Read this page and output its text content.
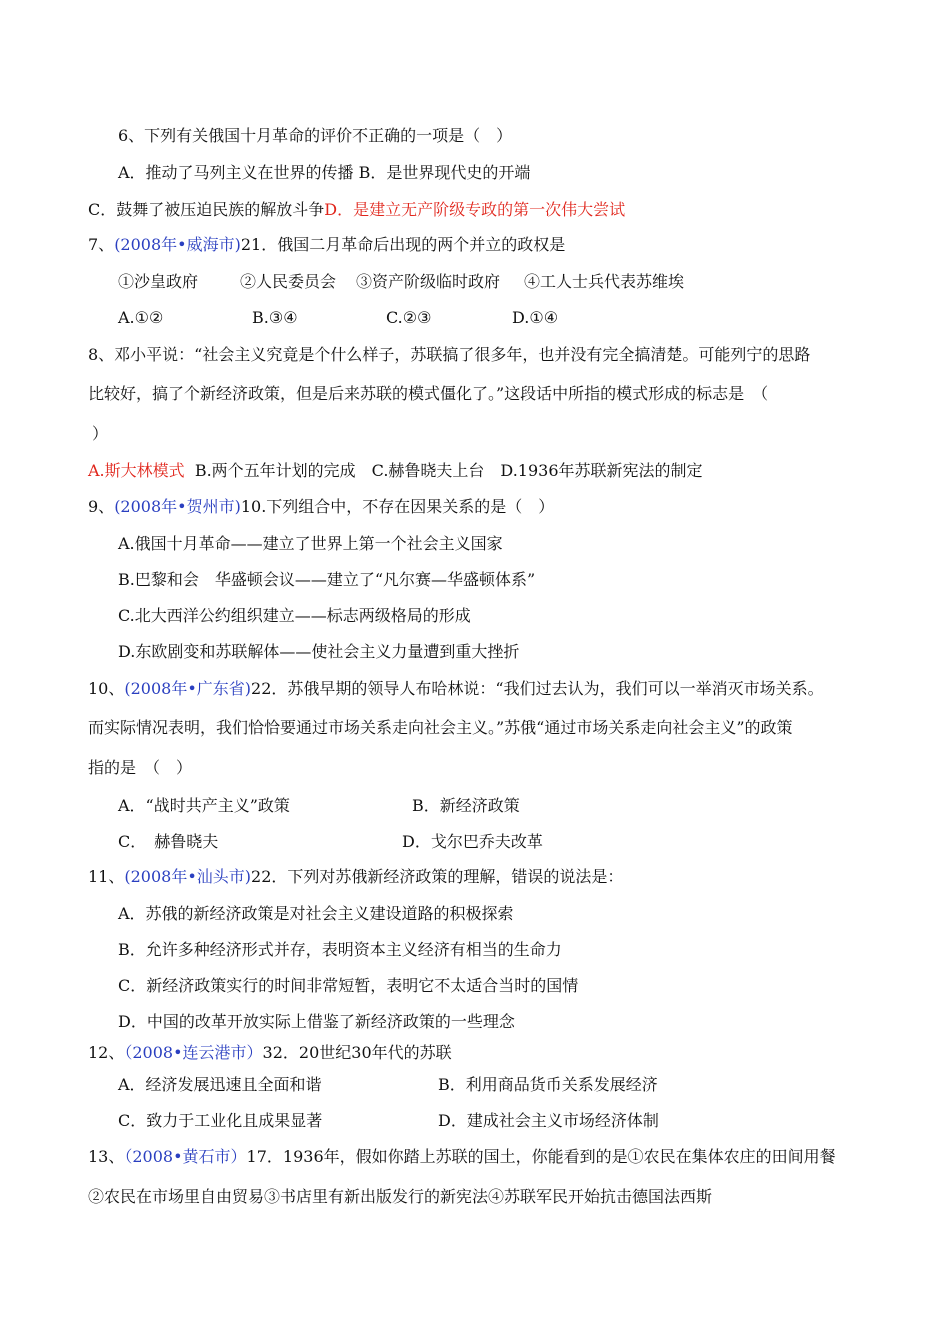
6、下列有关俄国十月革命的评价不正确的一项是（　）
A．推动了马列主义在世界的传播 B．是世界现代史的开端
C．鼓舞了被压迫民族的解放斗争D．是建立无产阶级专政的第一次伟大尝试
7、(2008年•威海市)21．俄国二月革命后出现的两个并立的政权是
①沙皇政府	②人民委员会 ③资产阶级临时政府 ④工人士兵代表苏维埃
A.①②	B.③④	C.②③	D.①④
8、邓小平说：“社会主义究竟是个什么样子，苏联搞了很多年，也并没有完全搞清楚。可能列宁的思路
比较好，搞了个新经济政策，但是后来苏联的模式僵化了。”这段话中所指的模式形成的标志是　（
）
A.斯大林模式 B.两个五年计划的完成　C.赫鲁晓夫上台　D.1936年苏联新宪法的制定
9、(2008年•贺州市)10.下列组合中，不存在因果关系的是（　）
A.俄国十月革命——建立了世界上第一个社会主义国家
B.巴黎和会　华盛顿会议——建立了“凡尔赛—华盛顿体系”
C.北大西洋公约组织建立——标志两级格局的形成
D.东欧剧变和苏联解体——使社会主义力量遭到重大挫折
10、(2008年•广东省)22．苏俄早期的领导人布哈林说：“我们过去认为，我们可以一举消灭市场关系。
而实际情况表明，我们恰恰要通过市场关系走向社会主义。”苏俄“通过市场关系走向社会主义”的政策
指的是　（　）
A．“战时共产主义”政策	B．新经济政策
C．　赫鲁晓夫	D．戈尔巴乔夫改革
11、(2008年•汕头市)22．下列对苏俄新经济政策的理解，错误的说法是：
A．苏俄的新经济政策是对社会主义建设道路的积极探索
B．允许多种经济形式并存，表明资本主义经济有相当的生命力
C．新经济政策实行的时间非常短暂，表明它不太适合当时的国情
D．中国的改革开放实际上借鉴了新经济政策的一些理念
12、（2008•连云港市）32．20世纪30年代的苏联
A．经济发展迅速且全面和谐	B．利用商品货币关系发展经济
C．致力于工业化且成果显著	D．建成社会主义市场经济体制
13、（2008•黄石市）17．1936年，假如你踏上苏联的国土，你能看到的是①农民在集体农庄的田间用餐
②农民在市场里自由贸易③书店里有新出版发行的新宪法④苏联军民开始抗击德国法西斯
